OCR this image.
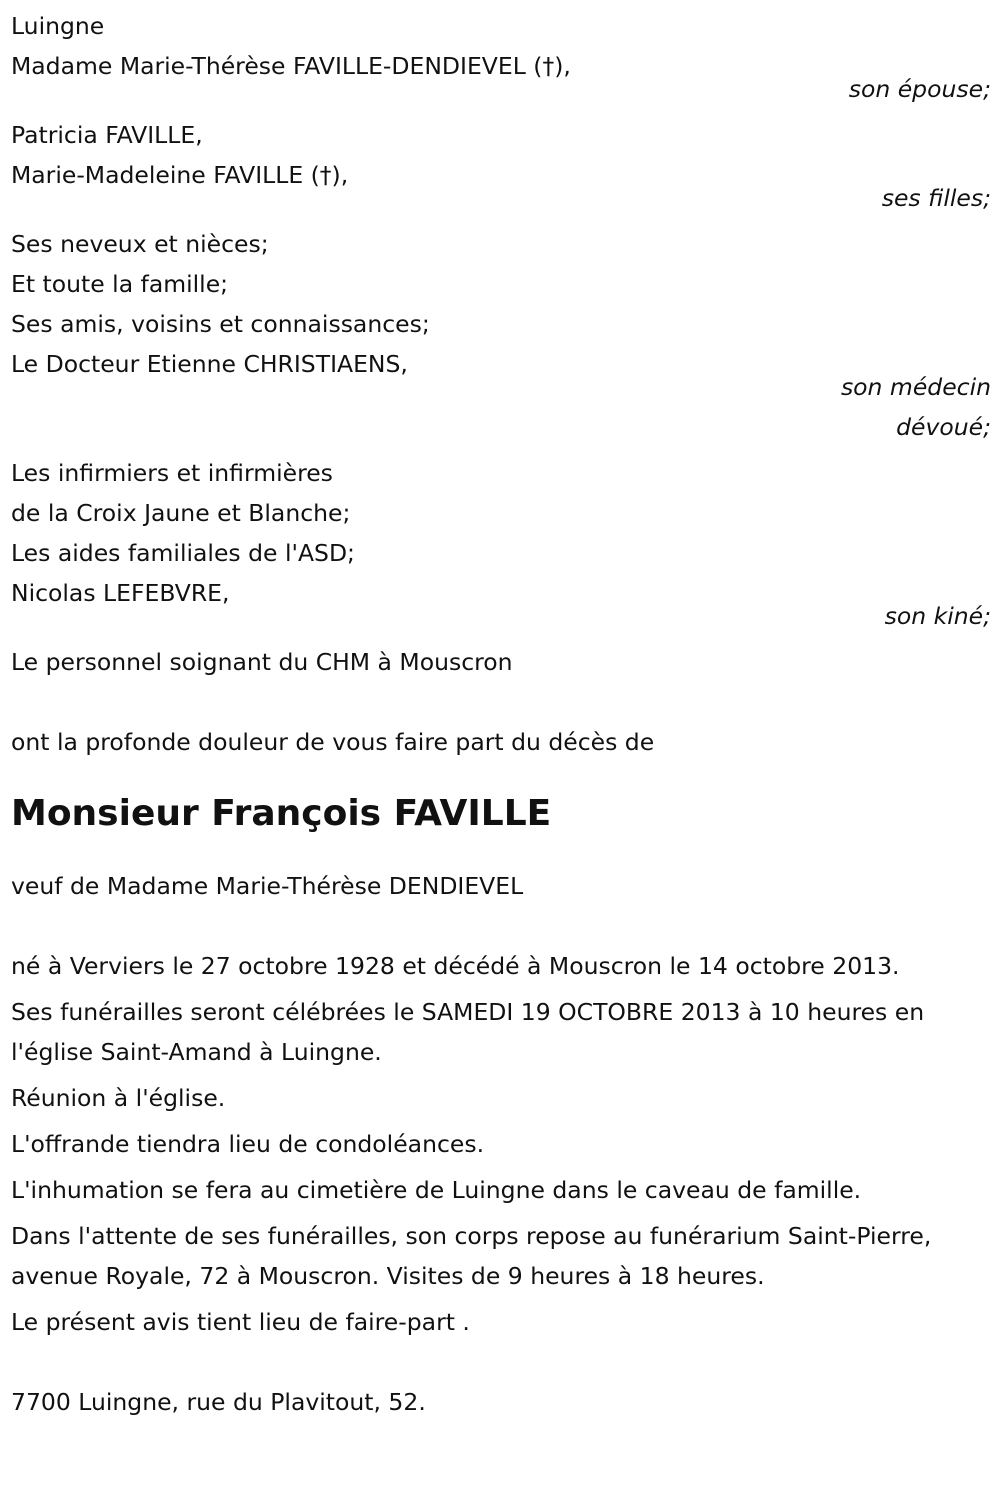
Luingne
Madame Marie-Thérèse FAVILLE-DENDIEVEL (†),
son épouse;
Patricia FAVILLE,
Marie-Madeleine FAVILLE (†),
ses filles;
Ses neveux et nièces;
Et toute la famille;
Ses amis, voisins et connaissances;
Le Docteur Etienne CHRISTIAENS,
son médecin
dévoué;
Les infirmiers et infirmières
de la Croix Jaune et Blanche;
Les aides familiales de l'ASD;
Nicolas LEFEBVRE,
son kiné;
Le personnel soignant du CHM à Mouscron
ont la profonde douleur de vous faire part du décès de
Monsieur François FAVILLE
veuf de Madame Marie-Thérèse DENDIEVEL
né à Verviers le 27 octobre 1928 et décédé à Mouscron le 14 octobre 2013.
Ses funérailles seront célébrées le SAMEDI 19 OCTOBRE 2013 à 10 heures en l'église Saint-Amand à Luingne.
Réunion à l'église.
L'offrande tiendra lieu de condoléances.
L'inhumation se fera au cimetière de Luingne dans le caveau de famille.
Dans l'attente de ses funérailles, son corps repose au funérarium Saint-Pierre, avenue Royale, 72 à Mouscron. Visites de 9 heures à 18 heures.
Le présent avis tient lieu de faire-part .
7700 Luingne, rue du Plavitout, 52.
